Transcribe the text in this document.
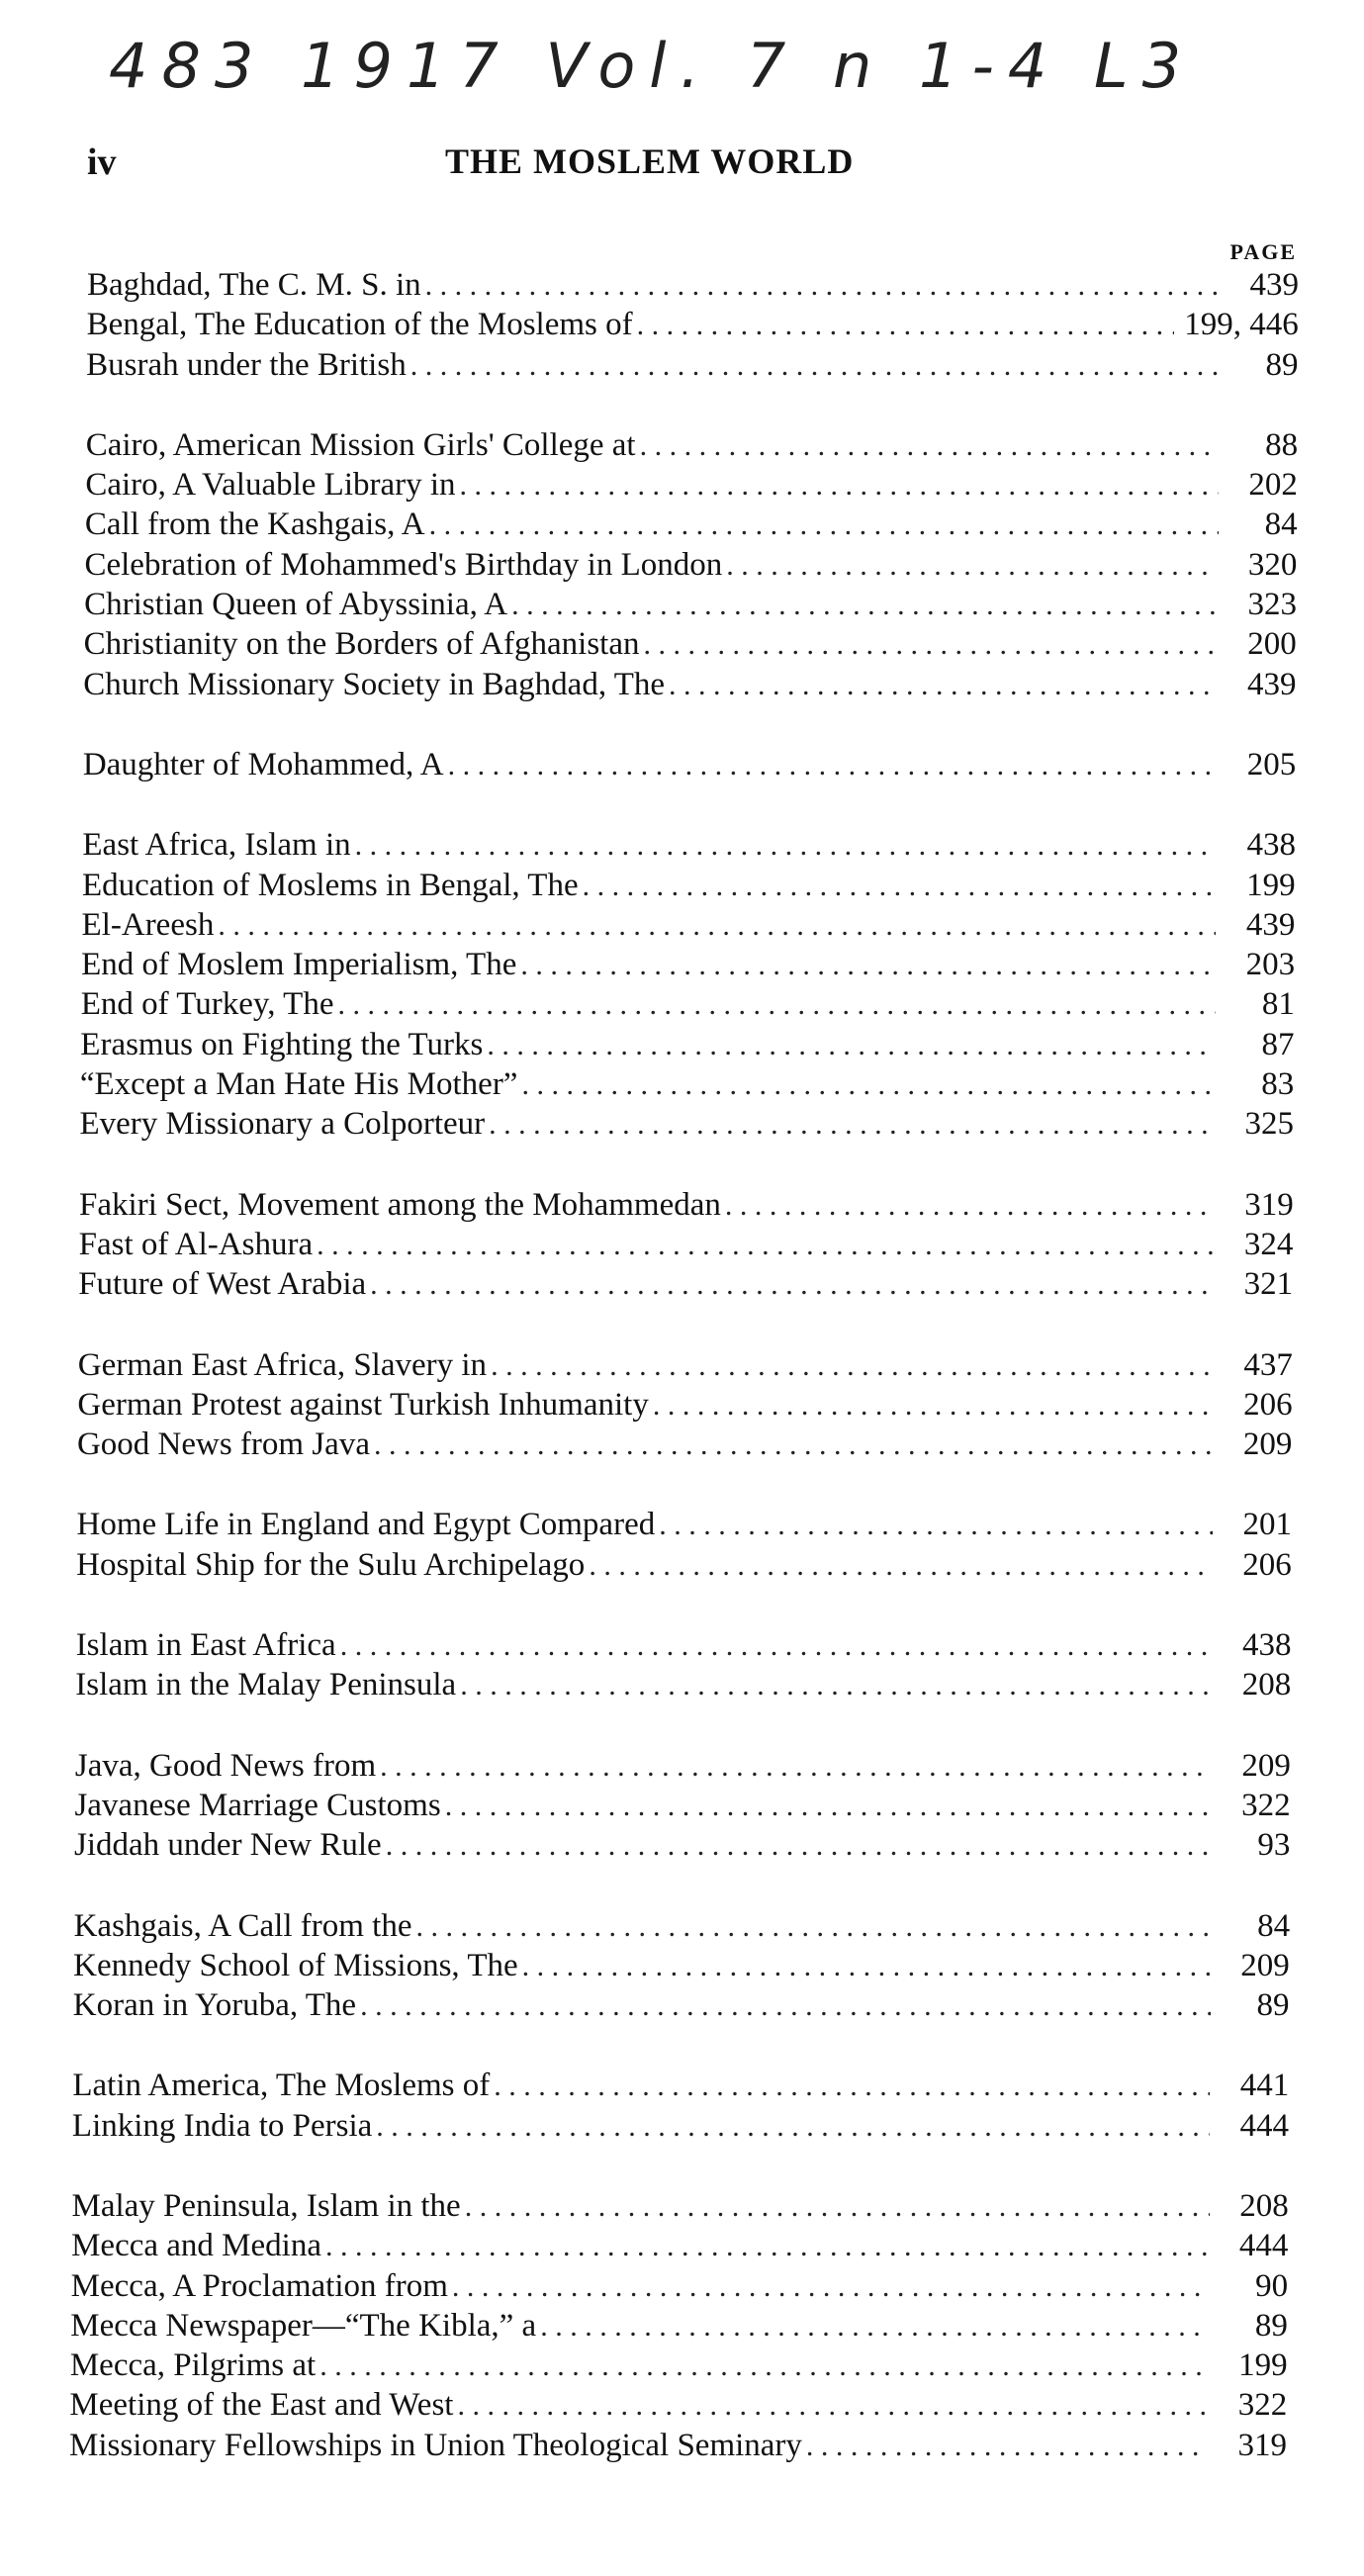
483 1917 Vol. 7 n 1-4 L3
iv	THE MOSLEM WORLD
PAGE
Baghdad, The C. M. S. in . . .	439
Bengal, The Education of the Moslems of . . .	199, 446
Busrah under the British . . .	89
Cairo, American Mission Girls' College at . . .	88
Cairo, A Valuable Library in . . .	202
Call from the Kashgais, A . . .	84
Celebration of Mohammed's Birthday in London . . .	320
Christian Queen of Abyssinia, A . . .	323
Christianity on the Borders of Afghanistan . . .	200
Church Missionary Society in Baghdad, The . . .	439
Daughter of Mohammed, A . . .	205
East Africa, Islam in . . .	438
Education of Moslems in Bengal, The . . .	199
El-Areesh . . .	439
End of Moslem Imperialism, The . . .	203
End of Turkey, The . . .	81
Erasmus on Fighting the Turks . . .	87
“Except a Man Hate His Mother” . . .	83
Every Missionary a Colporteur . . .	325
Fakiri Sect, Movement among the Mohammedan . . .	319
Fast of Al-Ashura . . .	324
Future of West Arabia . . .	321
German East Africa, Slavery in . . .	437
German Protest against Turkish Inhumanity . . .	206
Good News from Java . . .	209
Home Life in England and Egypt Compared . . .	201
Hospital Ship for the Sulu Archipelago . . .	206
Islam in East Africa . . .	438
Islam in the Malay Peninsula . . .	208
Java, Good News from . . .	209
Javanese Marriage Customs . . .	322
Jiddah under New Rule . . .	93
Kashgais, A Call from the . . .	84
Kennedy School of Missions, The . . .	209
Koran in Yoruba, The . . .	89
Latin America, The Moslems of . . .	441
Linking India to Persia . . .	444
Malay Peninsula, Islam in the . . .	208
Mecca and Medina . . .	444
Mecca, A Proclamation from . . .	90
Mecca Newspaper—“The Kibla,” a . . .	89
Mecca, Pilgrims at . . .	199
Meeting of the East and West . . .	322
Missionary Fellowships in Union Theological Seminary . . .	319
